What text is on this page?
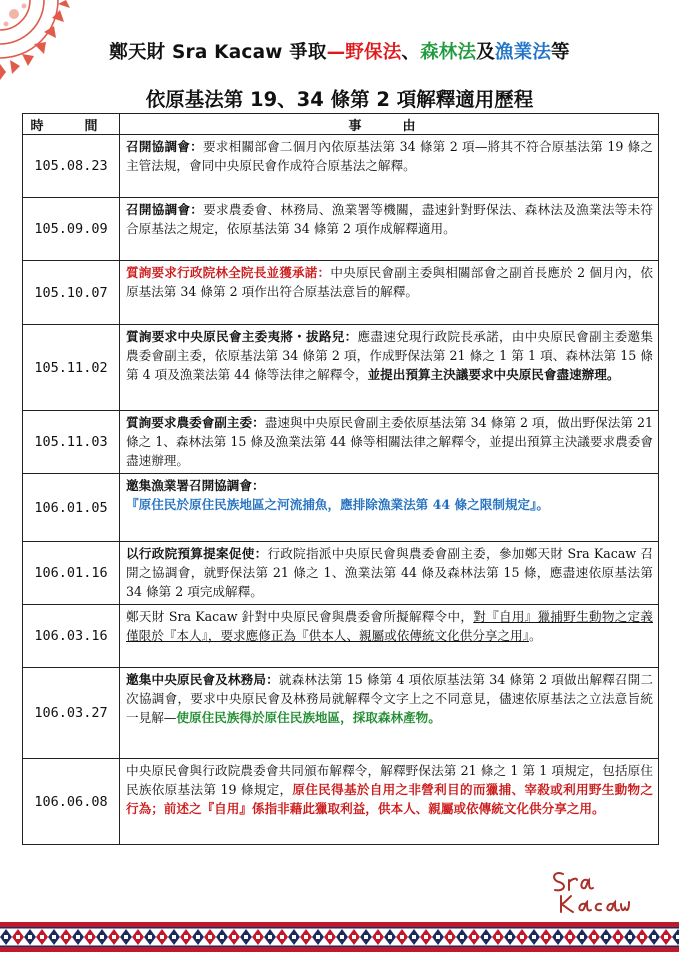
鄭天財 Sra Kacaw 爭取—野保法、森林法及漁業法等
依原基法第 19、34 條第 2 項解釋適用歷程
時　間	事　由
105.08.23	召開協調會：要求相關部會二個月內依原基法第 34 條第 2 項—將其不符合原基法第 19 條之主管法規，會同中央原民會作成符合原基法之解釋。
105.09.09	召開協調會：要求農委會、林務局、漁業署等機關，盡速針對野保法、森林法及漁業法等未符合原基法之規定，依原基法第 34 條第 2 項作成解釋適用。
105.10.07	質詢要求行政院林全院長並獲承諾：中央原民會副主委與相關部會之副首長應於 2 個月內，依原基法第 34 條第 2 項作出符合原基法意旨的解釋。
105.11.02	質詢要求中央原民會主委夷將・拔路兒：應盡速兌現行政院長承諾，由中央原民會副主委邀集農委會副主委，依原基法第 34 條第 2 項，作成野保法第 21 條之 1 第 1 項、森林法第 15 條第 4 項及漁業法第 44 條等法律之解釋令，並提出預算主決議要求中央原民會盡速辦理。
105.11.03	質詢要求農委會副主委：盡速與中央原民會副主委依原基法第 34 條第 2 項，做出野保法第 21 條之 1、森林法第 15 條及漁業法第 44 條等相關法律之解釋令，並提出預算主決議要求農委會盡速辦理。
106.01.05	邀集漁業署召開協調會：
『原住民於原住民族地區之河流捕魚，應排除漁業法第 44 條之限制規定』。
106.01.16	以行政院預算提案促使：行政院指派中央原民會與農委會副主委，參加鄭天財 Sra Kacaw 召開之協調會，就野保法第 21 條之 1、漁業法第 44 條及森林法第 15 條，應盡速依原基法第 34 條第 2 項完成解釋。
106.03.16	鄭天財 Sra Kacaw 針對中央原民會與農委會所擬解釋令中，對『自用』獵捕野生動物之定義僅限於『本人』，要求應修正為『供本人、親屬或依傳統文化供分享之用』。
106.03.27	邀集中央原民會及林務局：就森林法第 15 條第 4 項依原基法第 34 條第 2 項做出解釋召開二次協調會，要求中央原民會及林務局就解釋令文字上之不同意見，儘速依原基法之立法意旨統一見解—使原住民族得於原住民族地區，採取森林產物。
106.06.08	中央原民會與行政院農委會共同頒布解釋令，解釋野保法第 21 條之 1 第 1 項規定，包括原住民族依原基法第 19 條規定，原住民得基於自用之非營利目的而獵捕、宰殺或利用野生動物之行為；前述之『自用』係指非藉此獵取利益，供本人、親屬或依傳統文化供分享之用。
